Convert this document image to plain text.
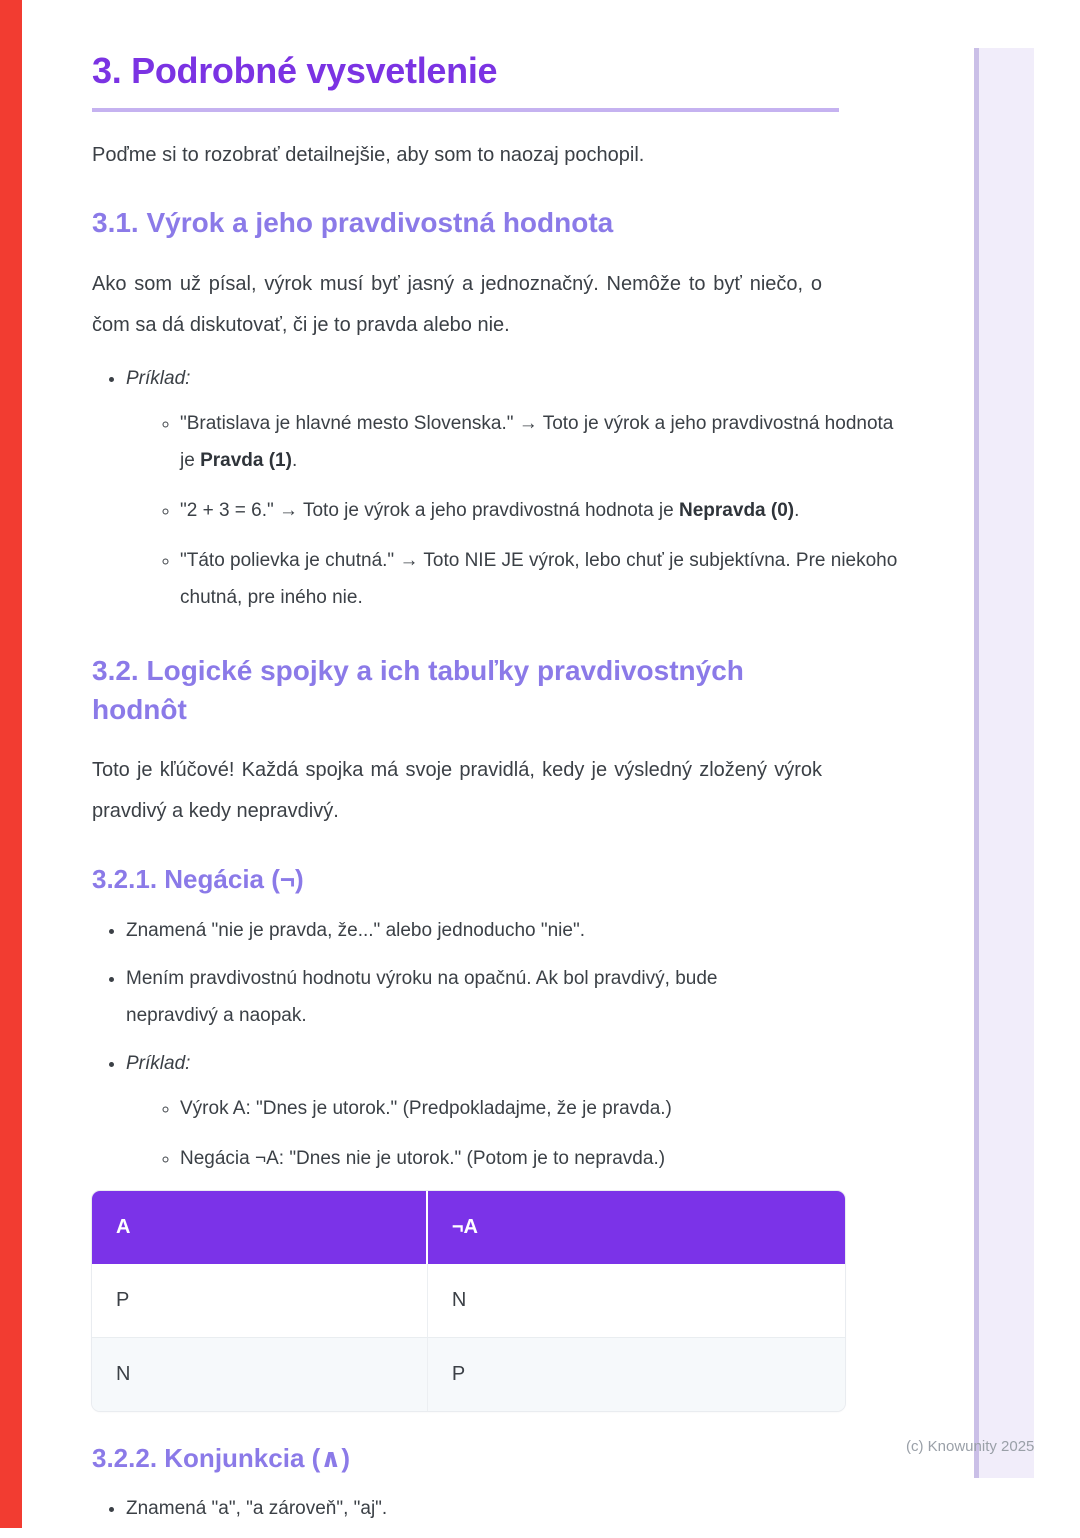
3. Podrobné vysvetlenie

Poďme si to rozobrať detailnejšie, aby som to naozaj pochopil.

3.1. Výrok a jeho pravdivostná hodnota

Ako som už písal, výrok musí byť jasný a jednoznačný. Nemôže to byť niečo, o čom sa dá diskutovať, či je to pravda alebo nie.

• Príklad:
◦ "Bratislava je hlavné mesto Slovenska." → Toto je výrok a jeho pravdivostná hodnota je Pravda (1).
◦ "2 + 3 = 6." → Toto je výrok a jeho pravdivostná hodnota je Nepravda (0).
◦ "Táto polievka je chutná." → Toto NIE JE výrok, lebo chuť je subjektívna. Pre niekoho chutná, pre iného nie.
3.2. Logické spojky a ich tabuľky pravdivostných hodnôt

Toto je kľúčové! Každá spojka má svoje pravidlá, kedy je výsledný zložený výrok pravdivý a kedy nepravdivý.

3.2.1. Negácia (¬)
• Znamená "nie je pravda, že..." alebo jednoducho "nie".
• Mením pravdivostnú hodnotu výroku na opačnú. Ak bol pravdivý, bude nepravdivý a naopak.
• Príklad:
◦ Výrok A: "Dnes je utorok." (Predpokladajme, že je pravda.)
◦ Negácia ¬A: "Dnes nie je utorok." (Potom je to nepravda.)
A	¬A
P	N
N	P
3.2.2. Konjunkcia (∧)
• Znamená "a", "a zároveň", "aj".
(c) Knowunity 2025
